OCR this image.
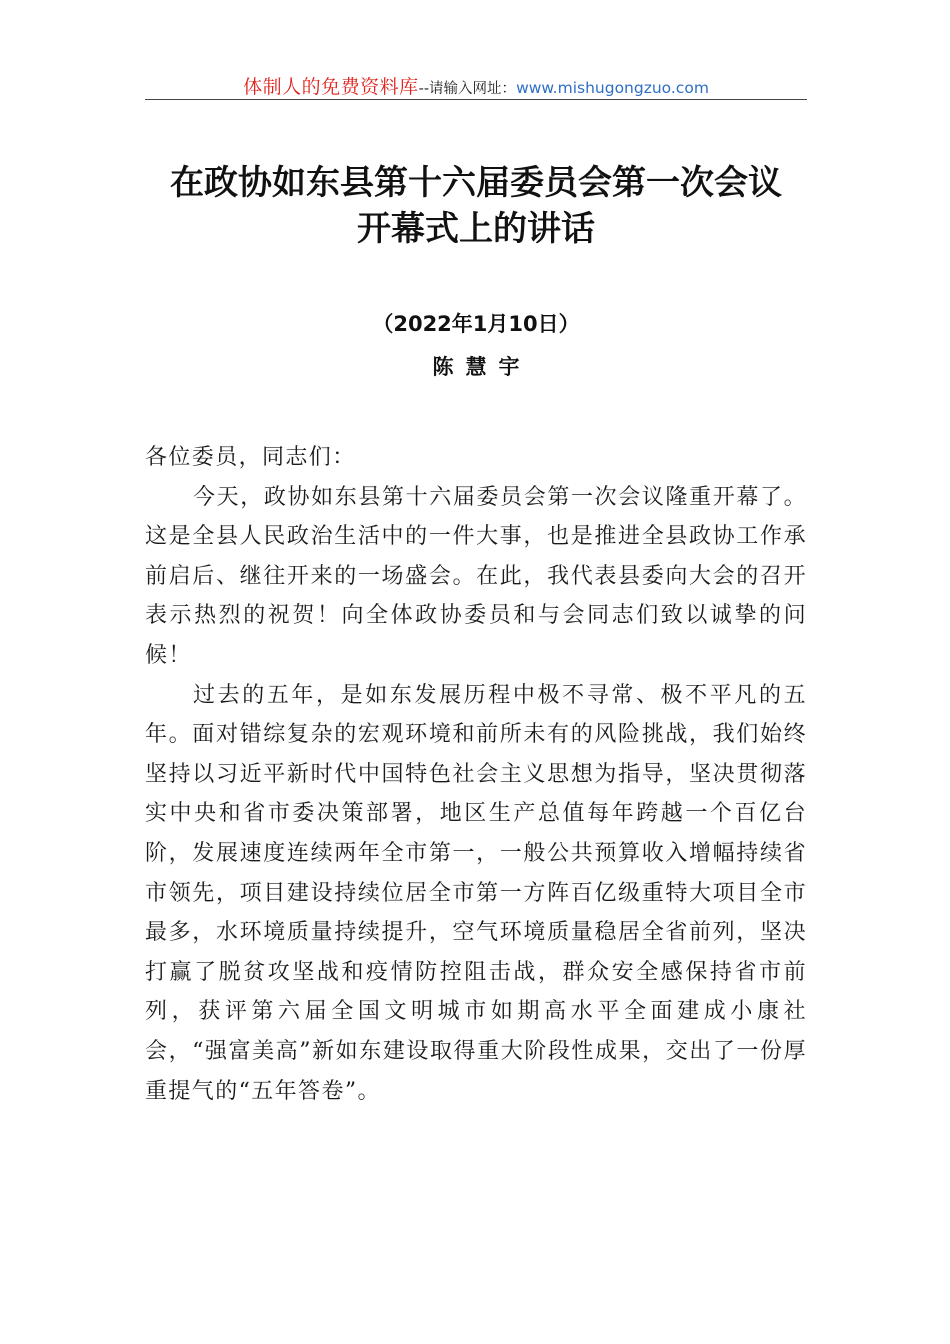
体制人的免费资料库--请输入网址：www.mishugongzuo.com
在政协如东县第十六届委员会第一次会议
开幕式上的讲话
（2022年1月10日）
陈慧宇

各位委员，同志们：

今天，政协如东县第十六届委员会第一次会议隆重开幕了。这是全县人民政治生活中的一件大事，也是推进全县政协工作承前启后、继往开来的一场盛会。在此，我代表县委向大会的召开表示热烈的祝贺！向全体政协委员和与会同志们致以诚挚的问候！

过去的五年，是如东发展历程中极不寻常、极不平凡的五年。面对错综复杂的宏观环境和前所未有的风险挑战，我们始终坚持以习近平新时代中国特色社会主义思想为指导，坚决贯彻落实中央和省市委决策部署，地区生产总值每年跨越一个百亿台阶，发展速度连续两年全市第一，一般公共预算收入增幅持续省市领先，项目建设持续位居全市第一方阵百亿级重特大项目全市最多，水环境质量持续提升，空气环境质量稳居全省前列，坚决打赢了脱贫攻坚战和疫情防控阻击战，群众安全感保持省市前列，获评第六届全国文明城市如期高水平全面建成小康社会，“强富美高”新如东建设取得重大阶段性成果，交出了一份厚重提气的“五年答卷”。
